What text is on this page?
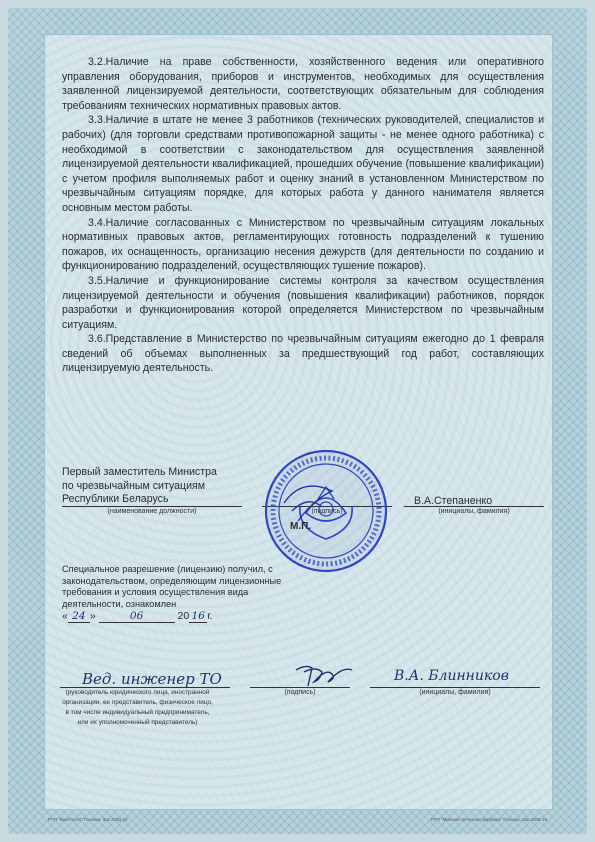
3.2.Наличие на праве собственности, хозяйственного ведения или оперативного управления оборудования, приборов и инструментов, необходимых для осуществления заявленной лицензируемой деятельности, соответствующих обязательным для соблюдения требованиям технических нормативных правовых актов.

3.3.Наличие в штате не менее 3 работников (технических руководителей, специалистов и рабочих) (для торговли средствами противопожарной защиты - не менее одного работника) с необходимой в соответствии с законодательством для осуществления заявленной лицензируемой деятельности квалификацией, прошедших обучение (повышение квалификации) с учетом профиля выполняемых работ и оценку знаний в установленном Министерством по чрезвычайным ситуациям порядке, для которых работа у данного нанимателя является основным местом работы.

3.4.Наличие согласованных с Министерством по чрезвычайным ситуациям локальных нормативных правовых актов, регламентирующих готовность подразделений к тушению пожаров, их оснащенность, организацию несения дежурств (для деятельности по созданию и функционированию подразделений, осуществляющих тушение пожаров).

3.5.Наличие и функционирование системы контроля за качеством осуществления лицензируемой деятельности и обучения (повышения квалификации) работников, порядок разработки и функционирования которой определяется Министерством по чрезвычайным ситуациям.

3.6.Представление в Министерство по чрезвычайным ситуациям ежегодно до 1 февраля сведений об объемах выполненных за предшествующий год работ, составляющих лицензируемую деятельность.

Первый заместитель Министра
по чрезвычайным ситуациям
Республики Беларусь
(наименование должности)
В.А.Степаненко
(инициалы, фамилия)
М.П.
Специальное разрешение (лицензию) получил, с законодательством, определяющим лицензионные требования и условия осуществления вида деятельности, ознакомлен
« 24 »	06	20 16 г.
Вед. инженер ТО
(руководитель юридического лица, иностранной организации, ее представитель, физическое лицо, в том числе индивидуальный предприниматель, или их уполномоченный представитель)
(подпись)
В.А. Блинников
(инициалы, фамилия)
РУП "Криптотех" Гознака. Зак.378д-15	РУП "Минская печатная фабрика" Гознака. Зак.2308-15
